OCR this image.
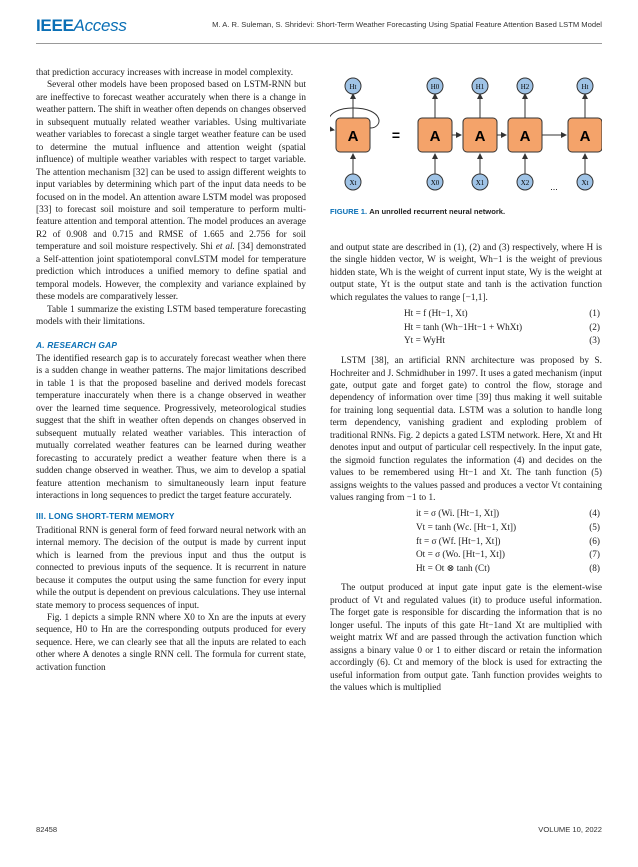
IEEEAccess	M. A. R. Suleman, S. Shridevi: Short-Term Weather Forecasting Using Spatial Feature Attention Based LSTM Model

that prediction accuracy increases with increase in model complexity.

Several other models have been proposed based on LSTM-RNN but are ineffective to forecast weather accurately when there is a change in weather pattern. The shift in weather often depends on changes observed in subsequent mutually related weather variables. Using multivariate weather variables to forecast a single target weather feature can be used to determine the mutual influence and attention weight (spatial influence) of multiple weather variables with respect to target variable. The attention mechanism [32] can be used to assign different weights to input variables by determining which part of the input data needs to be focused on in the model. An attention aware LSTM model was proposed [33] to forecast soil moisture and soil temperature to perform multi-feature attention and temporal attention. The model produces an average R2 of 0.908 and 0.715 and RMSE of 1.665 and 2.756 for soil temperature and soil moisture respectively. Shi et al. [34] demonstrated a Self-attention joint spatiotemporal convLSTM model for temperature prediction which introduces a unified memory to define spatial and temporal models. However, the complexity and variance explained by these models are comparatively lesser.

Table 1 summarize the existing LSTM based temperature forecasting models with their limitations.

A. RESEARCH GAP

The identified research gap is to accurately forecast weather when there is a sudden change in weather patterns. The major limitations described in table 1 is that the proposed baseline and derived models forecast temperature inaccurately when there is a change observed in weather over the learned time sequence. Progressively, meteorological studies suggest that the shift in weather often depends on changes observed in subsequent mutually related weather variables. This interaction of mutually correlated weather features can be learned during weather forecasting to accurately predict a weather feature when there is a sudden change observed in weather. Thus, we aim to develop a spatial feature attention mechanism to simultaneously learn input feature interactions in long sequences to predict the target feature accurately.

III. LONG SHORT-TERM MEMORY

Traditional RNN is general form of feed forward neural network with an internal memory. The decision of the output is made by current input which is learned from the previous input and thus the output is connected to previous inputs of the sequence. It is recurrent in nature because it computes the output using the same function for every input while the output is dependent on previous calculations. They use internal state memory to process sequences of input.

Fig. 1 depicts a simple RNN where X0 to Xn are the inputs at every sequence, H0 to Hn are the corresponding outputs produced for every sequence. Here, we can clearly see that all the inputs are related to each other where A denotes a single RNN cell. The formula for current state, activation function

A
Ht
Xt
= A A A	A
...
H0
X0
H1
X1
H2
X2
Ht
Xt
FIGURE 1. An unrolled recurrent neural network.

and output state are described in (1), (2) and (3) respectively, where H is the single hidden vector, W is weight, Wh−1 is the weight of previous hidden state, Wh is the weight of current input state, Wy is the weight at output state, Yt is the output state and tanh is the activation function which regulates the values to range [−1,1].

Ht = f (Ht−1, Xt)	(1)
Ht = tanh (Wh−1Ht−1 + WhXt)	(2)
Yt = WyHt	(3)

LSTM [38], an artificial RNN architecture was proposed by S. Hochreiter and J. Schmidhuber in 1997. It uses a gated mechanism (input gate, output gate and forget gate) to control the flow, storage and dependency of information over time [39] thus making it well suitable for training long sequential data. LSTM was a solution to handle long term dependency, vanishing gradient and exploding problem of traditional RNNs. Fig. 2 depicts a gated LSTM network. Here, Xt and Ht denotes input and output of particular cell respectively. In the input gate, the sigmoid function regulates the information (4) and decides on the values to be remembered using Ht−1 and Xt. The tanh function (5) assigns weights to the values passed and produces a vector Vt containing values ranging from −1 to 1.

it = σ (Wi. [Ht−1, Xt])	(4)
Vt = tanh (Wc. [Ht−1, Xt])	(5)
ft = σ (Wf. [Ht−1, Xt])	(6)
Ot = σ (Wo. [Ht−1, Xt])	(7)
Ht = Ot ⊗ tanh (Ct)	(8)

The output produced at input gate input gate is the element-wise product of Vt and regulated values (it) to produce useful information. The forget gate is responsible for discarding the information that is no longer useful. The inputs of this gate Ht−1and Xt are multiplied with weight matrix Wf and are passed through the activation function which assigns a binary value 0 or 1 to either discard or retain the information accordingly (6). Ct and memory of the block is used for extracting the useful information from output gate. Tanh function provides weights to the values which is multiplied

82458	VOLUME 10, 2022
